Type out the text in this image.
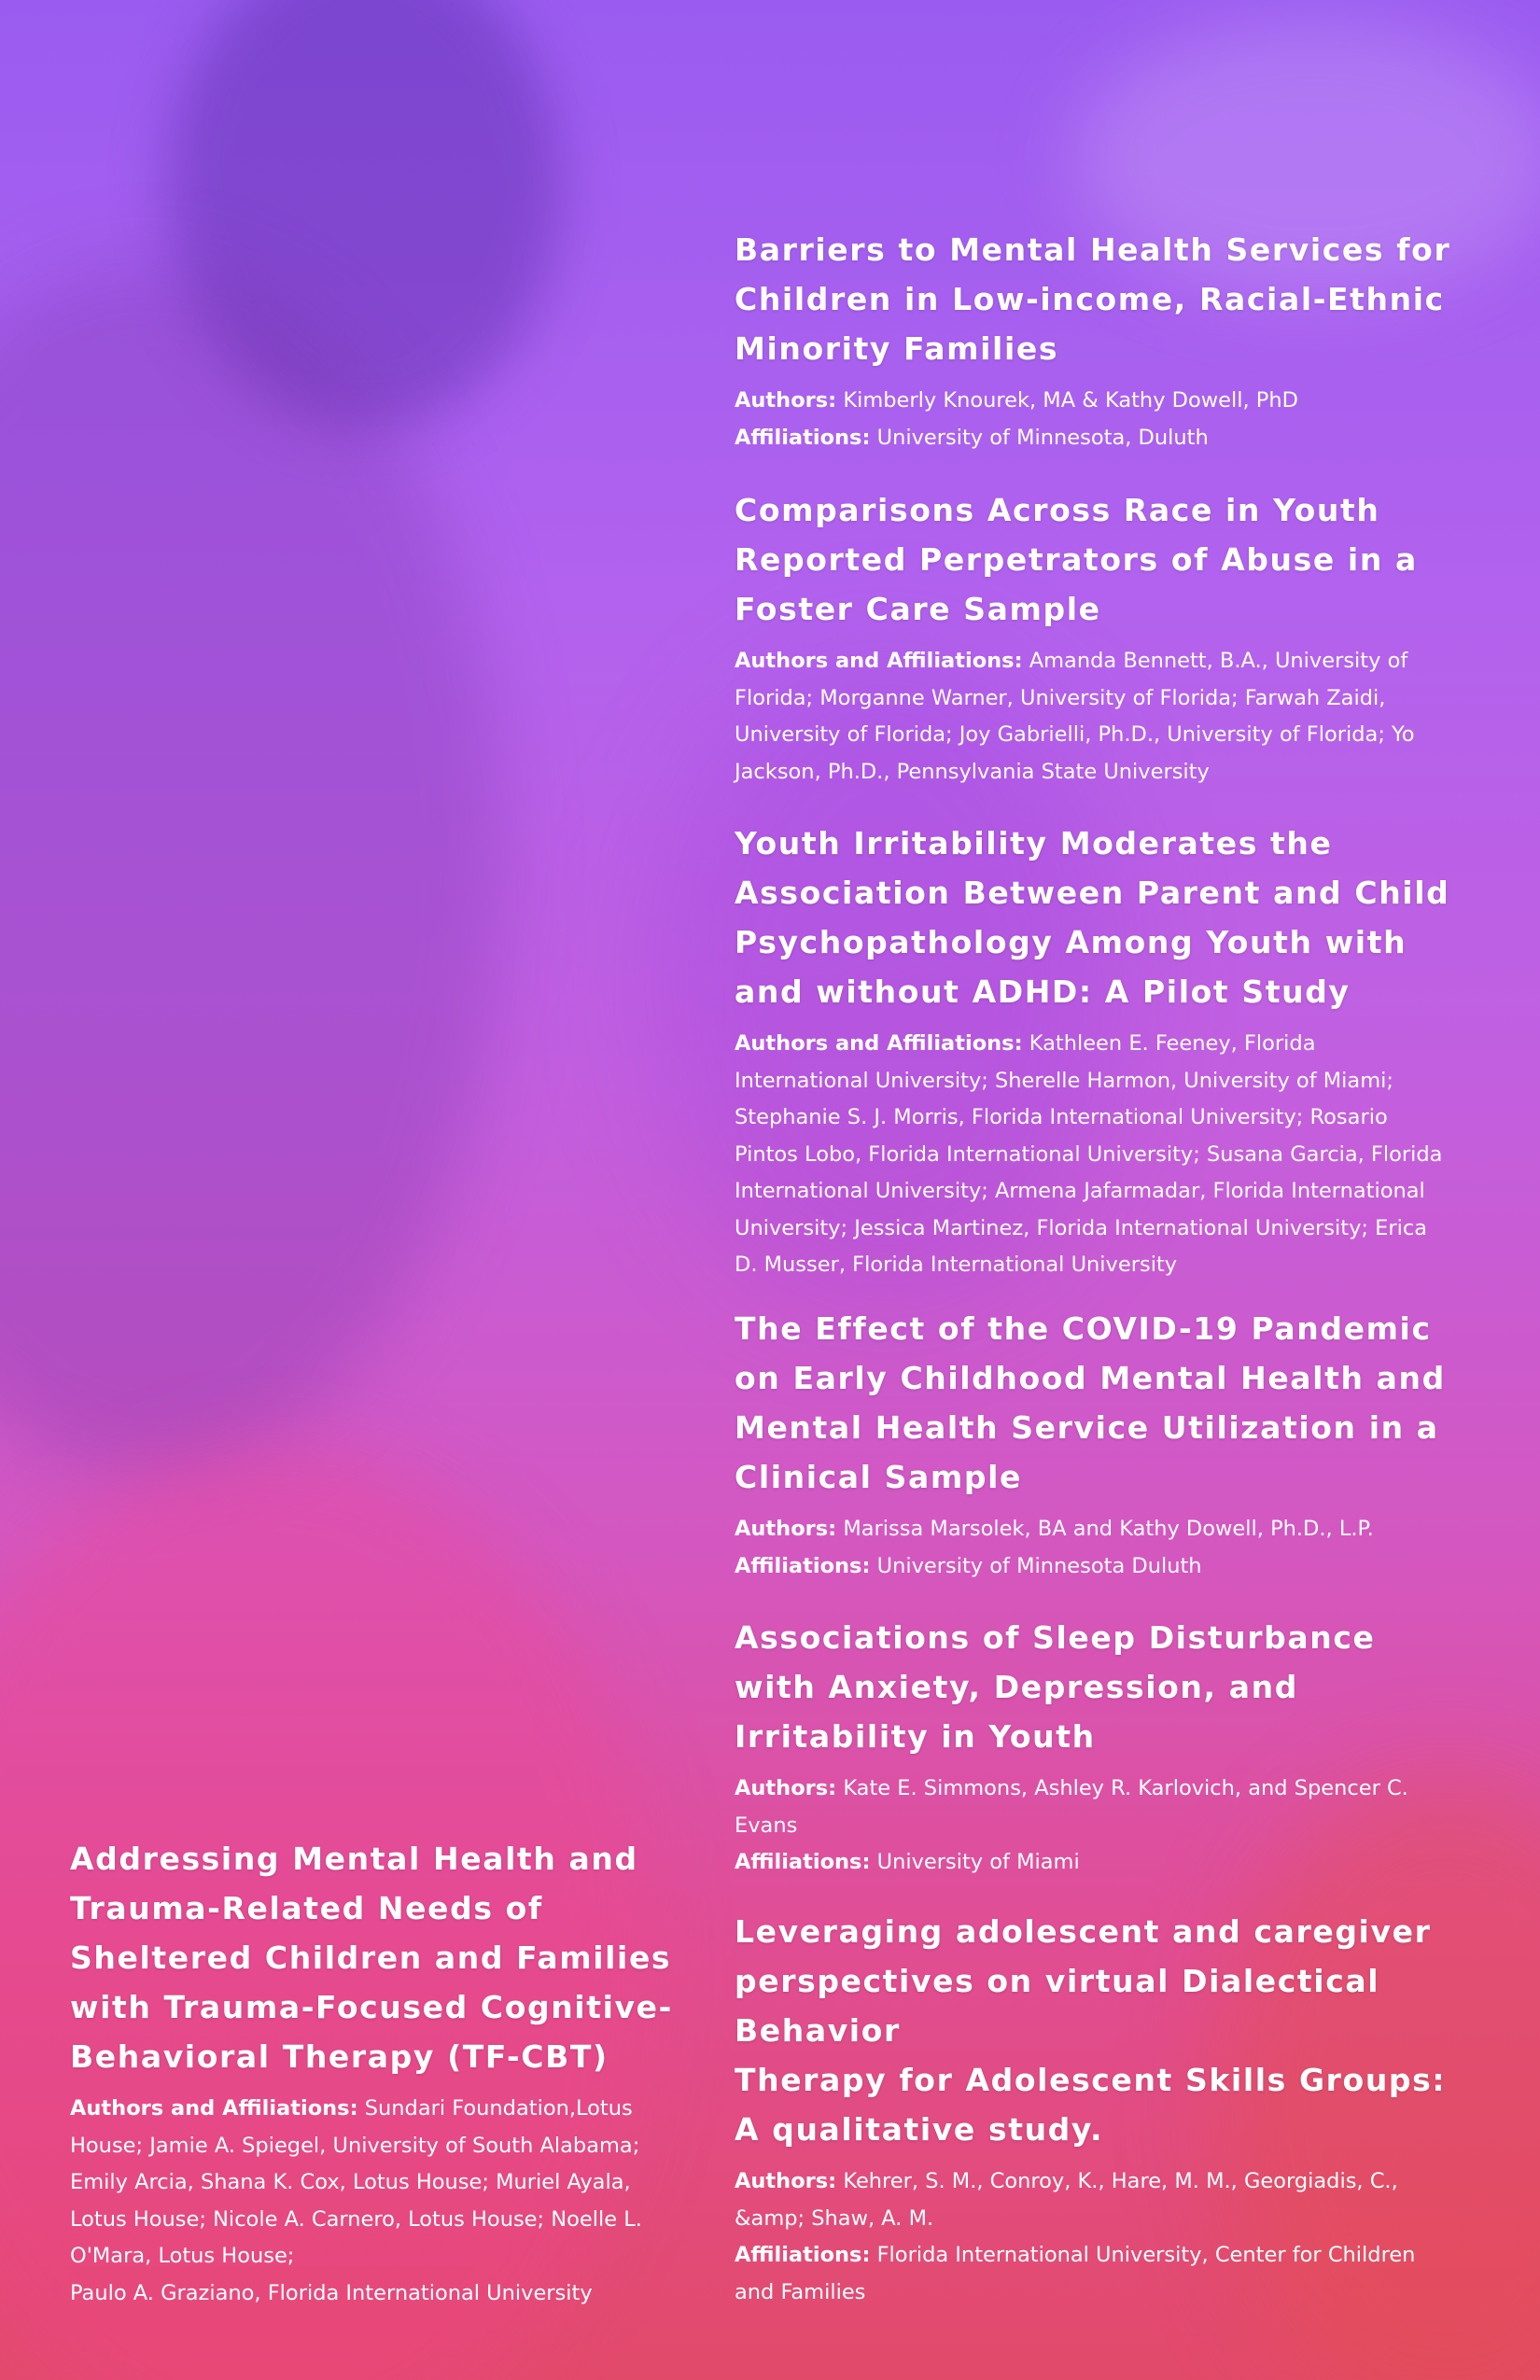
Barriers to Mental Health Services for Children in Low-income, Racial-Ethnic Minority Families

Authors: Kimberly Knourek, MA & Kathy Dowell, PhD
Affiliations: University of Minnesota, Duluth

Comparisons Across Race in Youth Reported Perpetrators of Abuse in a Foster Care Sample

Authors and Affiliations: Amanda Bennett, B.A., University of Florida; Morganne Warner, University of Florida; Farwah Zaidi, University of Florida; Joy Gabrielli, Ph.D., University of Florida; Yo Jackson, Ph.D., Pennsylvania State University

Youth Irritability Moderates the Association Between Parent and Child Psychopathology Among Youth with and without ADHD: A Pilot Study

Authors and Affiliations: Kathleen E. Feeney, Florida International University; Sherelle Harmon, University of Miami; Stephanie S. J. Morris, Florida International University; Rosario Pintos Lobo, Florida International University; Susana Garcia, Florida International University; Armena Jafarmadar, Florida International University; Jessica Martinez, Florida International University; Erica D. Musser, Florida International University

The Effect of the COVID-19 Pandemic on Early Childhood Mental Health and Mental Health Service Utilization in a Clinical Sample

Authors: Marissa Marsolek, BA and Kathy Dowell, Ph.D., L.P.
Affiliations: University of Minnesota Duluth

Associations of Sleep Disturbance with Anxiety, Depression, and Irritability in Youth

Authors: Kate E. Simmons, Ashley R. Karlovich, and Spencer C. Evans
Affiliations: University of Miami

Leveraging adolescent and caregiver perspectives on virtual Dialectical Behavior
Therapy for Adolescent Skills Groups: A qualitative study.

Authors: Kehrer, S. M., Conroy, K., Hare, M. M., Georgiadis, C., &amp; Shaw, A. M.
Affiliations: Florida International University, Center for Children and Families

Addressing Mental Health and Trauma-Related Needs of Sheltered Children and Families with Trauma-Focused Cognitive-Behavioral Therapy (TF-CBT)

Authors and Affiliations: Sundari Foundation,Lotus House; Jamie A. Spiegel, University of South Alabama; Emily Arcia, Shana K. Cox, Lotus House; Muriel Ayala, Lotus House; Nicole A. Carnero, Lotus House; Noelle L. O'Mara, Lotus House;
Paulo A. Graziano, Florida International University
